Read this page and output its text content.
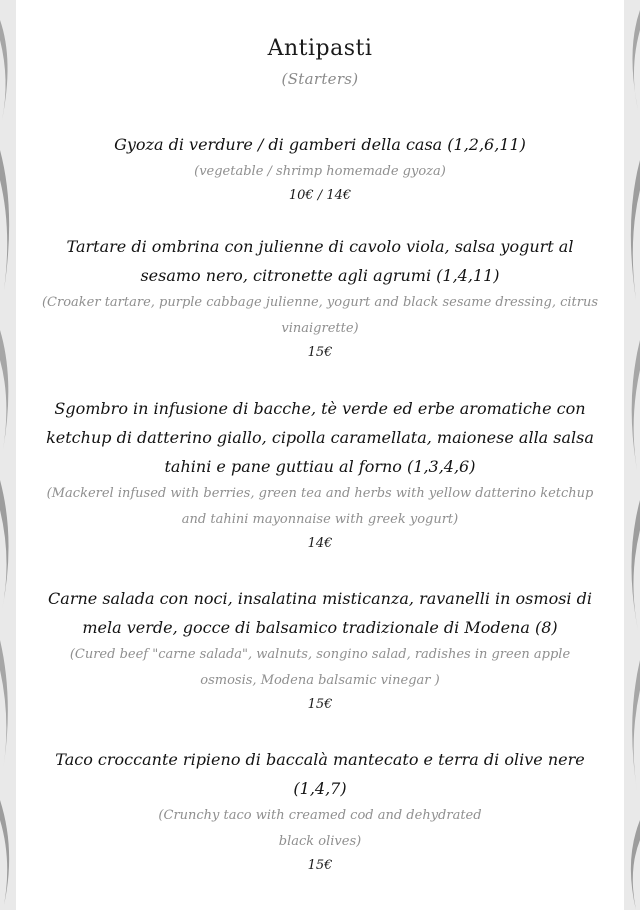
Antipasti
(Starters)

Gyoza di verdure / di gamberi della casa (1,2,6,11)

(vegetable / shrimp homemade gyoza)

10€ / 14€

Tartare di ombrina con julienne di cavolo viola, salsa yogurt al sesamo nero, citronette agli agrumi (1,4,11)

(Croaker tartare, purple cabbage julienne, yogurt and black sesame dressing, citrus vinaigrette)

15€

Sgombro in infusione di bacche, tè verde ed erbe aromatiche con ketchup di datterino giallo, cipolla caramellata, maionese alla salsa tahini e pane guttiau al forno (1,3,4,6)

(Mackerel infused with berries, green tea and herbs with yellow datterino ketchup and tahini mayonnaise with greek yogurt)

14€

Carne salada con noci, insalatina misticanza, ravanelli in osmosi di mela verde, gocce di balsamico tradizionale di Modena (8)

(Cured beef "carne salada", walnuts, songino salad, radishes in green apple osmosis, Modena balsamic vinegar )

15€

Taco croccante ripieno di baccalà mantecato e terra di olive nere (1,4,7)

(Crunchy taco with creamed cod and dehydrated black olives)

15€
